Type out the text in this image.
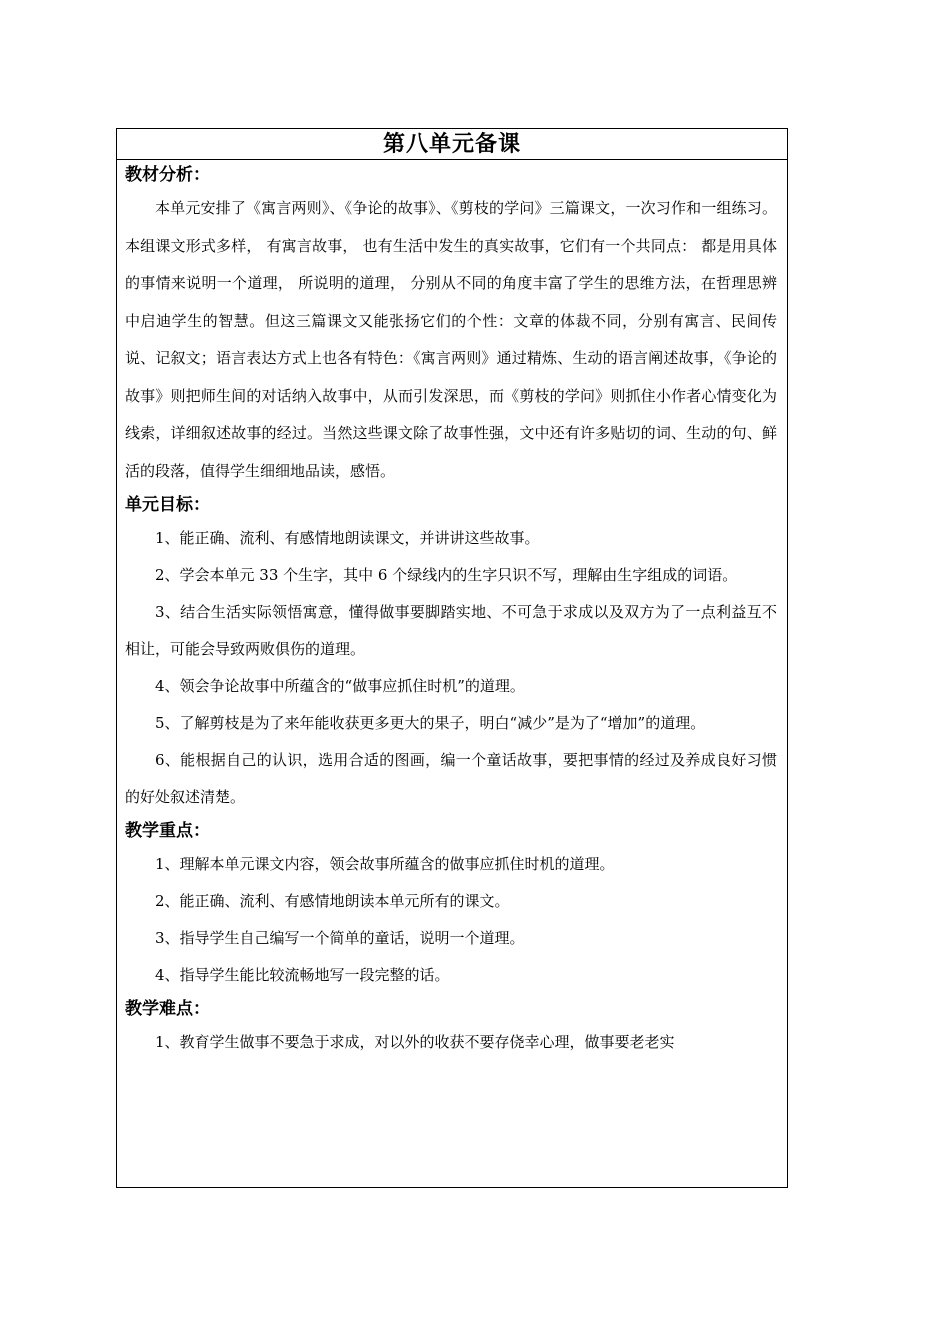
第八单元备课
教材分析：

本单元安排了《寓言两则》、《争论的故事》、《剪枝的学问》三篇课文，一次习作和一组练习。本组课文形式多样， 有寓言故事， 也有生活中发生的真实故事，它们有一个共同点： 都是用具体的事情来说明一个道理， 所说明的道理， 分别从不同的角度丰富了学生的思维方法，在哲理思辨中启迪学生的智慧。但这三篇课文又能张扬它们的个性：文章的体裁不同，分别有寓言、民间传说、记叙文；语言表达方式上也各有特色：《寓言两则》通过精炼、生动的语言阐述故事，《争论的故事》则把师生间的对话纳入故事中，从而引发深思，而《剪枝的学问》则抓住小作者心情变化为线索，详细叙述故事的经过。当然这些课文除了故事性强，文中还有许多贴切的词、生动的句、鲜活的段落，值得学生细细地品读，感悟。

单元目标：

1、能正确、流利、有感情地朗读课文，并讲讲这些故事。

2、学会本单元 33 个生字，其中 6 个绿线内的生字只识不写，理解由生字组成的词语。

3、结合生活实际领悟寓意，懂得做事要脚踏实地、不可急于求成以及双方为了一点利益互不相让，可能会导致两败俱伤的道理。

4、领会争论故事中所蕴含的“做事应抓住时机”的道理。

5、了解剪枝是为了来年能收获更多更大的果子，明白“减少”是为了“增加”的道理。

6、能根据自己的认识，选用合适的图画，编一个童话故事，要把事情的经过及养成良好习惯的好处叙述清楚。

教学重点：

1、理解本单元课文内容，领会故事所蕴含的做事应抓住时机的道理。

2、能正确、流利、有感情地朗读本单元所有的课文。

3、指导学生自己编写一个简单的童话，说明一个道理。

4、指导学生能比较流畅地写一段完整的话。

教学难点：

1、教育学生做事不要急于求成，对以外的收获不要存侥幸心理，做事要老老实
